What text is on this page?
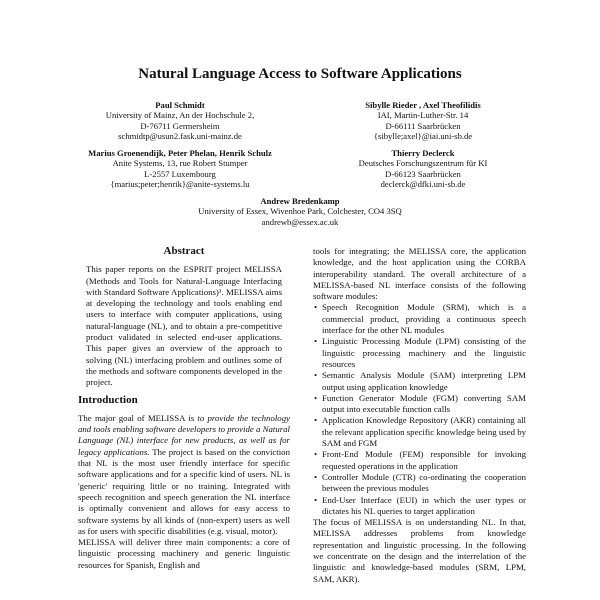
Natural Language Access to Software Applications
Paul Schmidt
University of Mainz, An der Hochschule 2,
D-76711 Germersheim
schmidtp@usun2.fask.uni-mainz.de
Sibylle Rieder , Axel Theofilidis
IAI, Martin-Luther-Str. 14
D-66111 Saarbrücken
{sibylle;axel}@iai.uni-sb.de
Marius Groenendijk, Peter Phelan, Henrik Schulz
Anite Systems, 13, rue Robert Stumper
L-2557 Luxembourg
{marius;peter;henrik}@anite-systems.lu
Thierry Declerck
Deutsches Forschungszentrum für KI
D-66123 Saarbrücken
declerck@dfki.uni-sb.de
Andrew Bredenkamp
University of Essex, Wivenhoe Park, Colchester, CO4 3SQ
andrewb@essex.ac.uk
Abstract

This paper reports on the ESPRIT project MELISSA (Methods and Tools for Natural-Language Interfacing with Standard Software Applications)¹. MELISSA aims at developing the technology and tools enabling end users to interface with computer applications, using natural-language (NL), and to obtain a pre-competitive product validated in selected end-user applications. This paper gives an overview of the approach to solving (NL) interfacing problem and outlines some of the methods and software components developed in the project.

Introduction

The major goal of MELISSA is to provide the technology and tools enabling software developers to provide a Natural Language (NL) interface for new products, as well as for legacy applications. The project is based on the conviction that NL is the most user friendly interface for specific software applications and for a specific kind of users. NL is 'generic' requiring little or no training. Integrated with speech recognition and speech generation the NL interface is optimally convenient and allows for easy access to software systems by all kinds of (non-expert) users as well as for users with specific disabilities (e.g. visual, motor).

MELISSA will deliver three main components: a core of linguistic processing machinery and generic linguistic resources for Spanish, English and

tools for integrating; the MELISSA core, the application knowledge, and the host application using the CORBA interoperability standard. The overall architecture of a MELISSA-based NL interface consists of the following software modules:

• Speech Recognition Module (SRM), which is a commercial product, providing a continuous speech interface for the other NL modules
• Linguistic Processing Module (LPM) consisting of the linguistic processing machinery and the linguistic resources
• Semantic Analysis Module (SAM) interpreting LPM output using application knowledge
• Function Generator Module (FGM) converting SAM output into executable function calls
• Application Knowledge Repository (AKR) containing all the relevant application specific knowledge being used by SAM and FGM
• Front-End Module (FEM) responsible for invoking requested operations in the application
• Controller Module (CTR) co-ordinating the cooperation between the previous modules
• End-User Interface (EUI) in which the user types or dictates his NL queries to target application

The focus of MELISSA is on understanding NL. In that, MELISSA addresses problems from knowledge representation and linguistic processing. In the following we concentrate on the design and the interrelation of the linguistic and knowledge-based modules (SRM, LPM, SAM, AKR).
